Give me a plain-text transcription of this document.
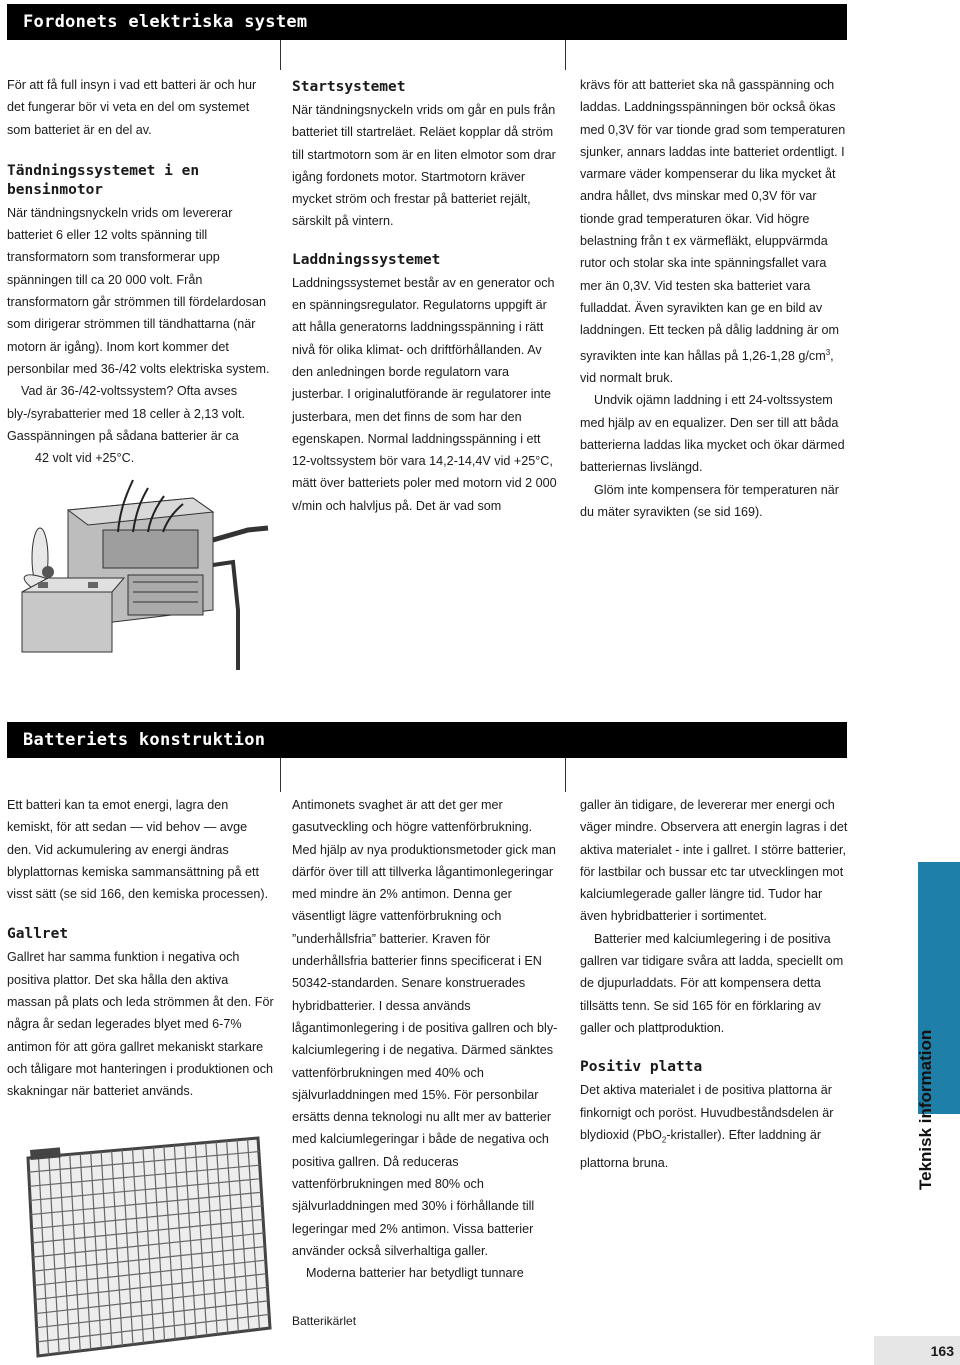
Fordonets elektriska system

För att få full insyn i vad ett batteri är och hur det fungerar bör vi veta en del om systemet som batteriet är en del av.

Tändningssystemet i en bensinmotor

När tändningsnyckeln vrids om levererar batteriet 6 eller 12 volts spänning till transformatorn som transformerar upp spänningen till ca 20 000 volt. Från transformatorn går strömmen till fördelardosan som dirigerar strömmen till tändhattarna (när motorn är igång). Inom kort kommer det personbilar med 36-/42 volts elektriska system.

Vad är 36-/42-voltssystem? Ofta avses bly-/syrabatterier med 18 celler à 2,13 volt. Gasspänningen på sådana batterier är ca

42 volt vid +25°C.

Startsystemet

När tändningsnyckeln vrids om går en puls från batteriet till startreläet. Reläet kopplar då ström till startmotorn som är en liten elmotor som drar igång fordonets motor. Startmotorn kräver mycket ström och frestar på batteriet rejält, särskilt på vintern.

Laddningssystemet

Laddningssystemet består av en generator och en spänningsregulator. Regulatorns uppgift är att hålla generatorns laddningsspänning i rätt nivå för olika klimat- och driftförhållanden. Av den anledningen borde regulatorn vara justerbar. I originalutförande är regulatorer inte justerbara, men det finns de som har den egenskapen. Normal laddningsspänning i ett 12-voltssystem bör vara 14,2-14,4V vid +25°C, mätt över batteriets poler med motorn vid 2 000 v/min och halvljus på. Det är vad som

krävs för att batteriet ska nå gasspänning och laddas. Laddningsspänningen bör också ökas med 0,3V för var tionde grad som temperaturen sjunker, annars laddas inte batteriet ordentligt. I varmare väder kompenserar du lika mycket åt andra hållet, dvs minskar med 0,3V för var tionde grad temperaturen ökar. Vid högre belastning från t ex värmefläkt, eluppvärmda rutor och stolar ska inte spänningsfallet vara mer än 0,3V. Vid testen ska batteriet vara fulladdat. Även syravikten kan ge en bild av laddningen. Ett tecken på dålig laddning är om syravikten inte kan hållas på 1,26-1,28 $g/cm^3$, vid normalt bruk.

Undvik ojämn laddning i ett 24-voltssystem med hjälp av en equalizer. Den ser till att båda batterierna laddas lika mycket och ökar därmed batteriernas livslängd.

Glöm inte kompensera för temperaturen när du mäter syravikten (se sid 169).

Batteriets konstruktion

Ett batteri kan ta emot energi, lagra den kemiskt, för att sedan — vid behov — avge den. Vid ackumulering av energi ändras blyplattornas kemiska sammansättning på ett visst sätt (se sid 166, den kemiska processen).

Gallret

Gallret har samma funktion i negativa och positiva plattor. Det ska hålla den aktiva massan på plats och leda strömmen åt den. För några år sedan legerades blyet med 6-7% antimon för att göra gallret mekaniskt starkare och tåligare mot hanteringen i produktionen och skakningar när batteriet används.

Antimonets svaghet är att det ger mer gasutveckling och högre vattenförbrukning. Med hjälp av nya produktionsmetoder gick man därför över till att tillverka lågantimonlegeringar med mindre än 2% antimon. Denna ger väsentligt lägre vattenförbrukning och ”underhållsfria” batterier. Kraven för underhållsfria batterier finns specificerat i EN 50342-standarden. Senare konstruerades hybridbatterier. I dessa används lågantimonlegering i de positiva gallren och bly-kalciumlegering i de negativa. Därmed sänktes vattenförbrukningen med 40% och självurladdningen med 15%. För personbilar ersätts denna teknologi nu allt mer av batterier med kalciumlegeringar i både de negativa och positiva gallren. Då reduceras vattenförbrukningen med 80% och självurladdningen med 30% i förhållande till legeringar med 2% antimon. Vissa batterier använder också silverhaltiga galler.

Moderna batterier har betydligt tunnare

Batterikärlet

galler än tidigare, de levererar mer energi och väger mindre. Observera att energin lagras i det aktiva materialet - inte i gallret. I större batterier, för lastbilar och bussar etc tar utvecklingen mot kalciumlegerade galler längre tid. Tudor har även hybridbatterier i sortimentet.

Batterier med kalciumlegering i de positiva gallren var tidigare svåra att ladda, speciellt om de djupurladdats. För att kompensera detta tillsätts tenn. Se sid 165 för en förklaring av galler och plattproduktion.

Positiv platta

Det aktiva materialet i de positiva plattorna är finkornigt och poröst. Huvudbeståndsdelen är blydioxid (PbO$_2$-kristaller). Efter laddning är plattorna bruna.	Teknisk information
163
